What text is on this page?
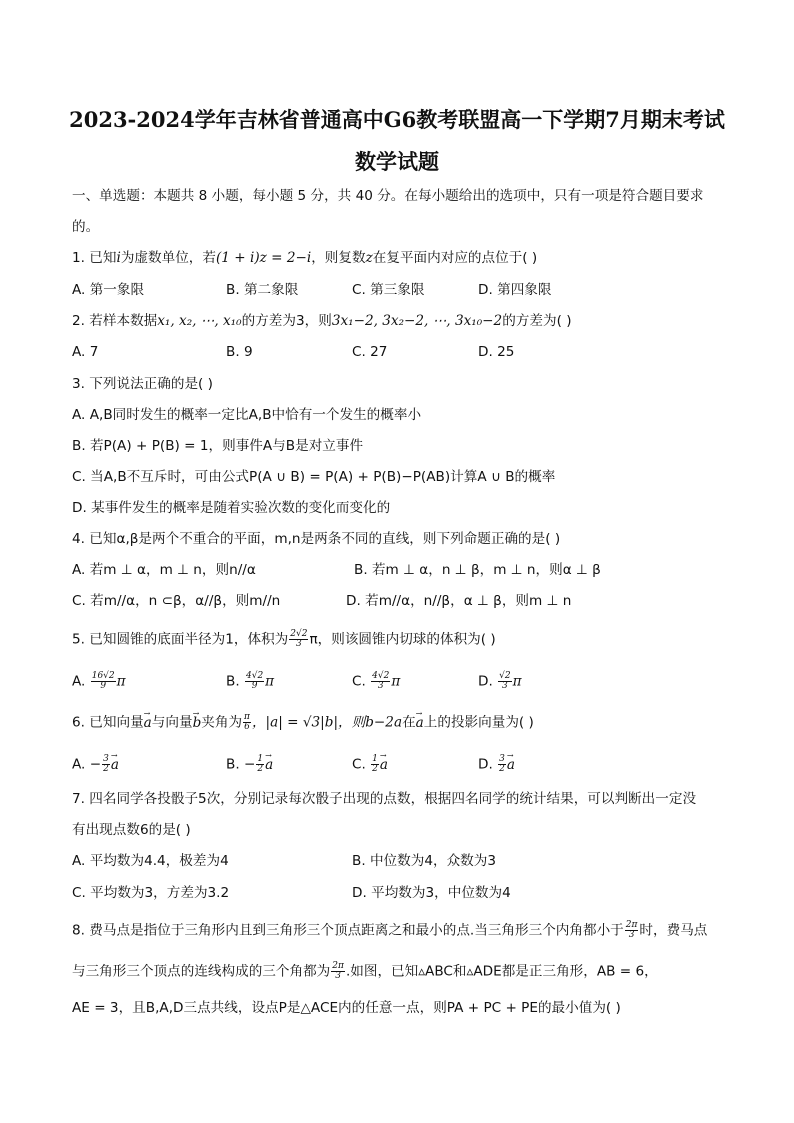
2023-2024学年吉林省普通高中G6教考联盟高一下学期7月期末考试
数学试题
一、单选题：本题共 8 小题，每小题 5 分，共 40 分。在每小题给出的选项中，只有一项是符合题目要求
的。
1. 已知i为虚数单位，若(1 + i)z = 2−i，则复数z在复平面内对应的点位于( )
A. 第一象限	B. 第二象限	C. 第三象限	D. 第四象限
2. 若样本数据x₁, x₂, ⋯, x₁₀的方差为3，则3x₁−2, 3x₂−2, ⋯, 3x₁₀−2的方差为( )
A. 7	B. 9	C. 27	D. 25
3. 下列说法正确的是( )
A. A,B同时发生的概率一定比A,B中恰有一个发生的概率小
B. 若P(A) + P(B) = 1，则事件A与B是对立事件
C. 当A,B不互斥时，可由公式P(A ∪ B) = P(A) + P(B)−P(AB)计算A ∪ B的概率
D. 某事件发生的概率是随着实验次数的变化而变化的
4. 已知α,β是两个不重合的平面，m,n是两条不同的直线，则下列命题正确的是( )
A. 若m ⊥ α，m ⊥ n，则n//α	B. 若m ⊥ α，n ⊥ β，m ⊥ n，则α ⊥ β
C. 若m//α，n ⊂β，α//β，则m//n	D. 若m//α，n//β，α ⊥ β，则m ⊥ n
5. 已知圆锥的底面半径为1，体积为 $\frac{2√2}{3}$ π，则该圆锥内切球的体积为( )
A. $\frac{16√2}{9}$ π	B. $\frac{4√2}{9}$ π	C. $\frac{4√2}{3}$ π	D. $\frac{√2}{3}$ π
6. 已知向量→ a与向量→ b夹角为 $\frac{\pi}{6}$ ，|a| = √3|b|，则b−2a在→ a上的投影向量为( )
A. − $\frac{3}{2}$
→ a	B. − $\frac{1}{2}$
→ a	C. $\frac{1}{2}$
→ a	D. $\frac{3}{2}$
→ a
7. 四名同学各投骰子5次，分别记录每次骰子出现的点数，根据四名同学的统计结果，可以判断出一定没
有出现点数6的是( )
A. 平均数为4.4，极差为4	B. 中位数为4，众数为3
C. 平均数为3，方差为3.2	D. 平均数为3，中位数为4
8. 费马点是指位于三角形内且到三角形三个顶点距离之和最小的点.当三角形三个内角都小于 $\frac{2\pi}{3}$ 时，费马点
与三角形三个顶点的连线构成的三个角都为 $\frac{2\pi}{3}$ .如图，已知▵ABC和▵ADE都是正三角形，AB = 6，
AE = 3，且B,A,D三点共线，设点P是△ACE内的任意一点，则PA + PC + PE的最小值为( )
